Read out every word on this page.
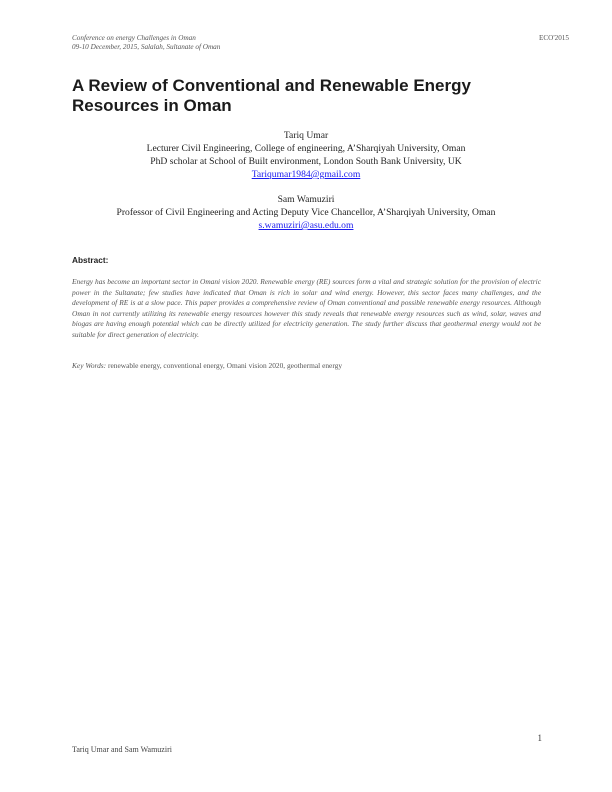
Conference on energy Challenges in Oman
09-10 December, 2015, Salalah, Sultanate of Oman
ECO'2015
A Review of Conventional and Renewable Energy Resources in Oman
Tariq Umar
Lecturer Civil Engineering, College of engineering, A’Sharqiyah University, Oman
PhD scholar at School of Built environment, London South Bank University, UK
Tariqumar1984@gmail.com
Sam Wamuziri
Professor of Civil Engineering and Acting Deputy Vice Chancellor, A’Sharqiyah University, Oman
s.wamuziri@asu.edu.om
Abstract:
Energy has become an important sector in Omani vision 2020. Renewable energy (RE) sources form a vital and strategic solution for the provision of electric power in the Sultanate; few studies have indicated that Oman is rich in solar and wind energy. However, this sector faces many challenges, and the development of RE is at a slow pace. This paper provides a comprehensive review of Oman conventional and possible renewable energy resources. Although Oman in not currently utilizing its renewable energy resources however this study reveals that renewable energy resources such as wind, solar, waves and biogas are having enough potential which can be directly utilized for electricity generation. The study further discuss that geothermal energy would not be suitable for direct generation of electricity.
Key Words: renewable energy, conventional energy, Omani vision 2020, geothermal energy
1
Tariq Umar and Sam Wamuziri
